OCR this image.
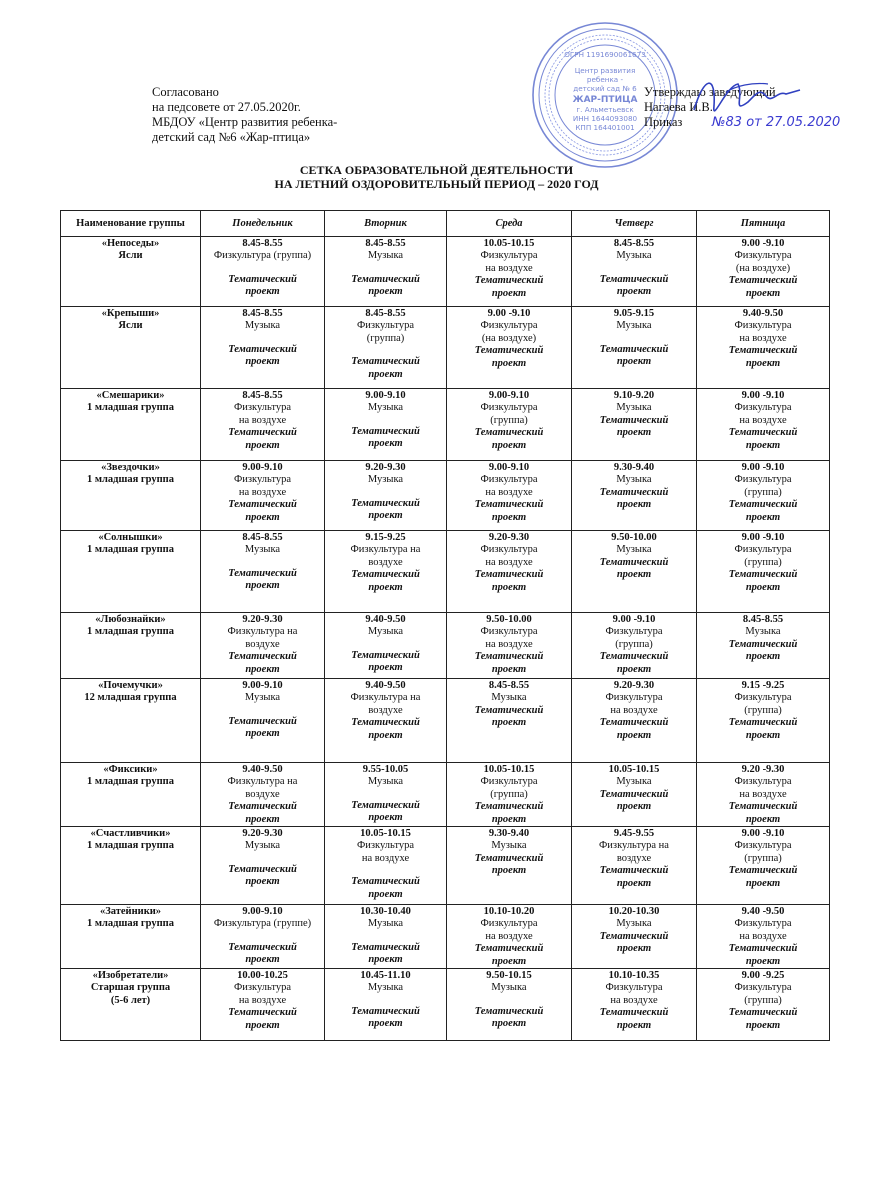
Согласовано
на педсовете от 27.05.2020г.
МБДОУ «Центр развития ребенка-
детский сад №6 «Жар-птица»
ОГРН 1191690061673
Центр развития
ребенка -
детский сад № 6
ЖАР-ПТИЦА
г. Альметьевск
ИНН 1644093080
КПП 164401001
Утверждаю заведующий
Нагаева И.В.
Приказ	№83 от 27.05.2020
СЕТКА ОБРАЗОВАТЕЛЬНОЙ ДЕЯТЕЛЬНОСТИ
НА ЛЕТНИЙ ОЗДОРОВИТЕЛЬНЫЙ ПЕРИОД – 2020 ГОД
Наименование группы	Понедельник	Вторник	Среда	Четверг	Пятница

«Непоседы»
Ясли	8.45-8.55
Физкультура (группа)
Тематический
проект	8.45-8.55
Музыка
Тематический
проект	10.05-10.15
Физкультура
на воздухе
Тематический
проект	8.45-8.55
Музыка
Тематический
проект	9.00 -9.10
Физкультура
(на воздухе)
Тематический
проект

«Крепыши»
Ясли	8.45-8.55
Музыка
Тематический
проект	8.45-8.55
Физкультура
(группа)
Тематический
проект	9.00 -9.10
Физкультура
(на воздухе)
Тематический
проект	9.05-9.15
Музыка
Тематический
проект	9.40-9.50
Физкультура
на воздухе
Тематический
проект

«Смешарики»
1 младшая группа	8.45-8.55
Физкультура
на воздухе
Тематический
проект	9.00-9.10
Музыка
Тематический
проект	9.00-9.10
Физкультура
(группа)
Тематический
проект	9.10-9.20
Музыка
Тематический
проект	9.00 -9.10
Физкультура
на воздухе
Тематический
проект

«Звездочки»
1 младшая группа	9.00-9.10
Физкультура
на воздухе
Тематический
проект	9.20-9.30
Музыка
Тематический
проект	9.00-9.10
Физкультура
на воздухе
Тематический
проект	9.30-9.40
Музыка
Тематический
проект	9.00 -9.10
Физкультура
(группа)
Тематический
проект

«Солнышки»
1 младшая группа	8.45-8.55
Музыка
Тематический
проект	9.15-9.25
Физкультура на
воздухе
Тематический
проект	9.20-9.30
Физкультура
на воздухе
Тематический
проект	9.50-10.00
Музыка
Тематический
проект	9.00 -9.10
Физкультура
(группа)
Тематический
проект

«Любознайки»
1 младшая группа	9.20-9.30
Физкультура на
воздухе
Тематический
проект	9.40-9.50
Музыка
Тематический
проект	9.50-10.00
Физкультура
на воздухе
Тематический
проект	9.00 -9.10
Физкультура
(группа)
Тематический
проект	8.45-8.55
Музыка
Тематический
проект

«Почемучки»
12 младшая группа	9.00-9.10
Музыка
Тематический
проект	9.40-9.50
Физкультура на
воздухе
Тематический
проект	8.45-8.55
Музыка
Тематический
проект	9.20-9.30
Физкультура
на воздухе
Тематический
проект	9.15 -9.25
Физкультура
(группа)
Тематический
проект

«Фиксики»
1 младшая группа	9.40-9.50
Физкультура на
воздухе
Тематический
проект	9.55-10.05
Музыка
Тематический
проект	10.05-10.15
Физкультура
(группа)
Тематический
проект	10.05-10.15
Музыка
Тематический
проект	9.20 -9.30
Физкультура
на воздухе
Тематический
проект

«Счастливчики»
1 младшая группа	9.20-9.30
Музыка
Тематический
проект	10.05-10.15
Физкультура
на воздухе
Тематический
проект	9.30-9.40
Музыка
Тематический
проект	9.45-9.55
Физкультура на
воздухе
Тематический
проект	9.00 -9.10
Физкультура
(группа)
Тематический
проект

«Затейники»
1 младшая группа	9.00-9.10
Физкультура (группе)
Тематический
проект	10.30-10.40
Музыка
Тематический
проект	10.10-10.20
Физкультура
на воздухе
Тематический
проект	10.20-10.30
Музыка
Тематический
проект	9.40 -9.50
Физкультура
на воздухе
Тематический
проект

«Изобретатели»
Старшая группа
(5-6 лет)	10.00-10.25
Физкультура
на воздухе
Тематический
проект	10.45-11.10
Музыка
Тематический
проект	9.50-10.15
Музыка
Тематический
проект	10.10-10.35
Физкультура
на воздухе
Тематический
проект	9.00 -9.25
Физкультура
(группа)
Тематический
проект
